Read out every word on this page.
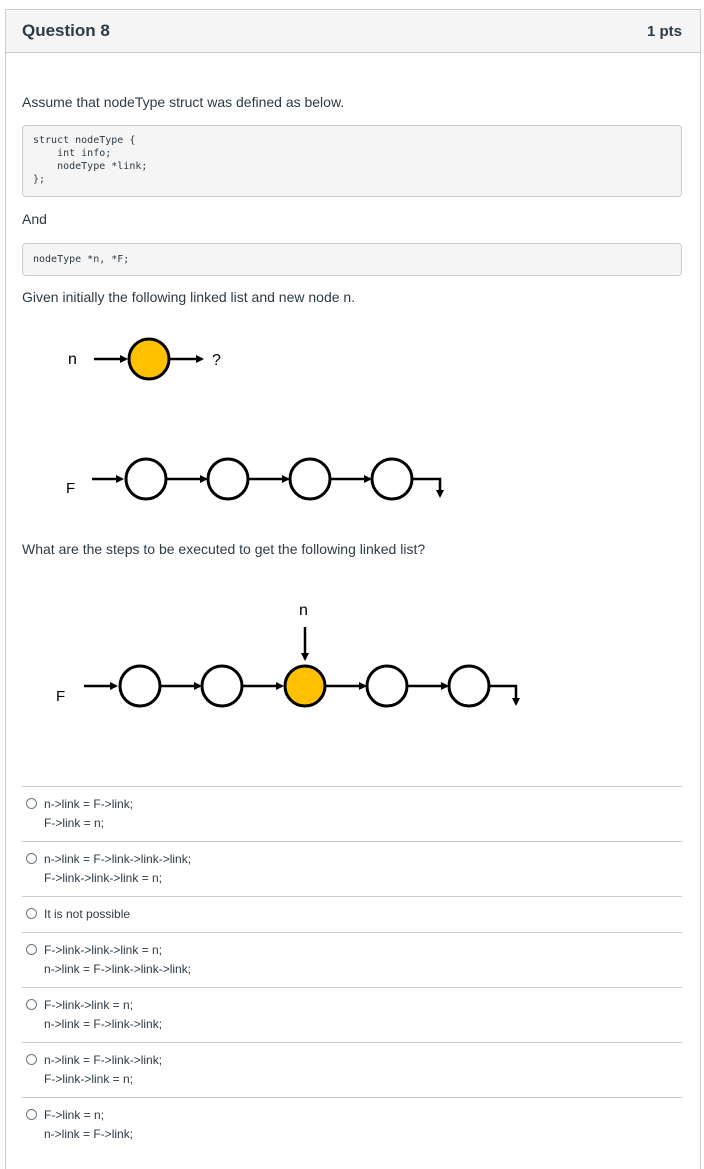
Question 8	1 pts
Assume that nodeType struct was defined as below.
struct nodeType {
int info;
nodeType *link;
};
And
nodeType *n, *F;
Given initially the following linked list and new node n.
n	?
F
What are the steps to be executed to get the following linked list?
n
F
n->link = F->link;
F->link = n;
n->link = F->link->link->link;
F->link->link->link = n;
It is not possible
F->link->link->link = n;
n->link = F->link->link->link;
F->link->link = n;
n->link = F->link->link;
n->link = F->link->link;
F->link->link = n;
F->link = n;
n->link = F->link;
